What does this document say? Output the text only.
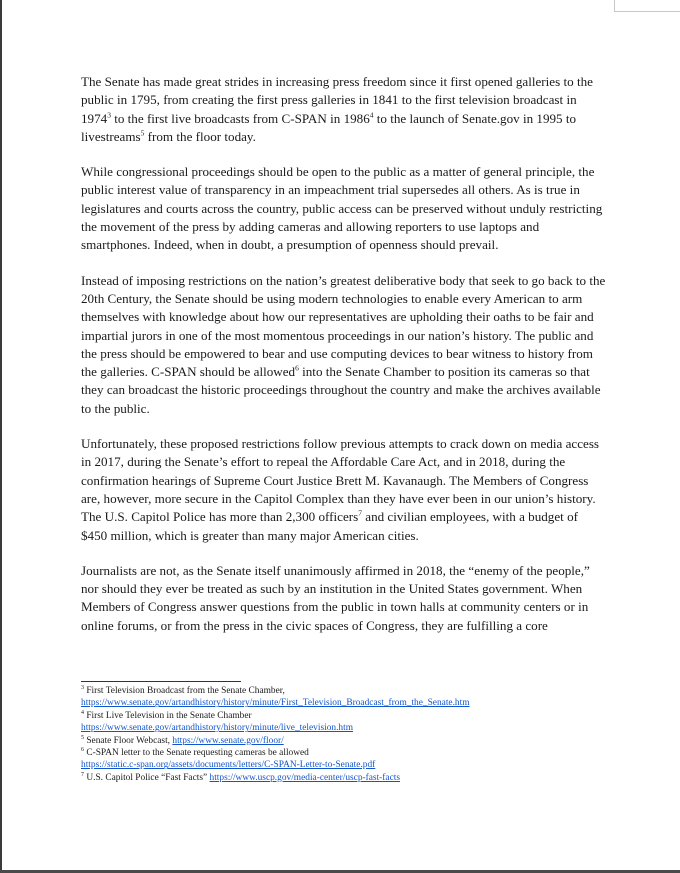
The Senate has made great strides in increasing press freedom since it first opened galleries to the public in 1795, from creating the first press galleries in 1841 to the first television broadcast in 1974$^3$ to the first live broadcasts from C-SPAN in 1986$^4$ to the launch of Senate.gov in 1995 to livestreams$^5$ from the floor today.

While congressional proceedings should be open to the public as a matter of general principle, the public interest value of transparency in an impeachment trial supersedes all others. As is true in legislatures and courts across the country, public access can be preserved without unduly restricting the movement of the press by adding cameras and allowing reporters to use laptops and smartphones. Indeed, when in doubt, a presumption of openness should prevail.

Instead of imposing restrictions on the nation’s greatest deliberative body that seek to go back to the 20th Century, the Senate should be using modern technologies to enable every American to arm themselves with knowledge about how our representatives are upholding their oaths to be fair and impartial jurors in one of the most momentous proceedings in our nation’s history. The public and the press should be empowered to bear and use computing devices to bear witness to history from the galleries. C-SPAN should be allowed$^6$ into the Senate Chamber to position its cameras so that they can broadcast the historic proceedings throughout the country and make the archives available to the public.

Unfortunately, these proposed restrictions follow previous attempts to crack down on media access in 2017, during the Senate’s effort to repeal the Affordable Care Act, and in 2018, during the confirmation hearings of Supreme Court Justice Brett M. Kavanaugh. The Members of Congress are, however, more secure in the Capitol Complex than they have ever been in our union’s history. The U.S. Capitol Police has more than 2,300 officers$^7$ and civilian employees, with a budget of $450 million, which is greater than many major American cities.

Journalists are not, as the Senate itself unanimously affirmed in 2018, the “enemy of the people,” nor should they ever be treated as such by an institution in the United States government. When Members of Congress answer questions from the public in town halls at community centers or in online forums, or from the press in the civic spaces of Congress, they are fulfilling a core

$^3$ First Television Broadcast from the Senate Chamber,
https://www.senate.gov/artandhistory/history/minute/First_Television_Broadcast_from_the_Senate.htm

$^4$ First Live Television in the Senate Chamber
https://www.senate.gov/artandhistory/history/minute/live_television.htm

$^5$ Senate Floor Webcast, https://www.senate.gov/floor/

$^6$ C-SPAN letter to the Senate requesting cameras be allowed
https://static.c-span.org/assets/documents/letters/C-SPAN-Letter-to-Senate.pdf

$^7$ U.S. Capitol Police “Fast Facts” https://www.uscp.gov/media-center/uscp-fast-facts
